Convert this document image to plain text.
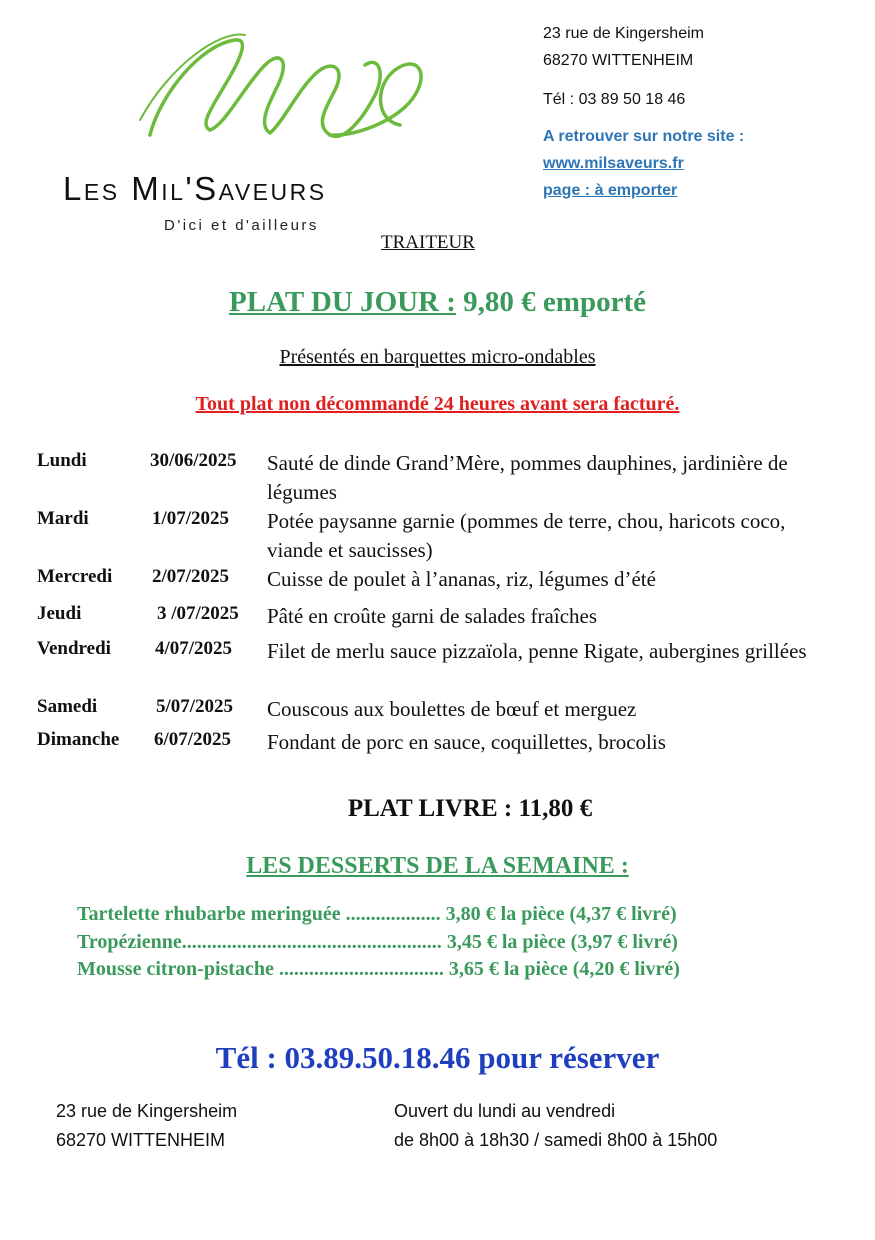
Les Mil'Saveurs
D'ici et d'ailleurs
23 rue de Kingersheim
68270 WITTENHEIM
Tél : 03 89 50 18 46
A retrouver sur notre site :
www.milsaveurs.fr
page : à emporter
TRAITEUR
PLAT DU JOUR : 9,80 € emporté
Présentés en barquettes micro-ondables
Tout plat non décommandé 24 heures avant sera facturé.
Lundi	30/06/2025 Sauté de dinde Grand’Mère, pommes dauphines, jardinière de légumes
Mardi	1/07/2025 Potée paysanne garnie (pommes de terre, chou, haricots coco, viande et saucisses)
Mercredi 2/07/2025 Cuisse de poulet à l’ananas, riz, légumes d’été
Jeudi	3 /07/2025 Pâté en croûte garni de salades fraîches
Vendredi 4/07/2025 Filet de merlu sauce pizzaïola, penne Rigate, aubergines grillées
Samedi	5/07/2025 Couscous aux boulettes de bœuf et merguez
Dimanche 6/07/2025 Fondant de porc en sauce, coquillettes, brocolis
PLAT LIVRE : 11,80 €
LES DESSERTS DE LA SEMAINE :
Tartelette rhubarbe meringuée ................... 3,80 € la pièce (4,37 € livré)
Tropézienne.................................................... 3,45 € la pièce (3,97 € livré)
Mousse citron-pistache ................................. 3,65 € la pièce (4,20 € livré)
Tél : 03.89.50.18.46 pour réserver
23 rue de Kingersheim
68270 WITTENHEIM
Ouvert du lundi au vendredi
de 8h00 à 18h30 / samedi 8h00 à 15h00
